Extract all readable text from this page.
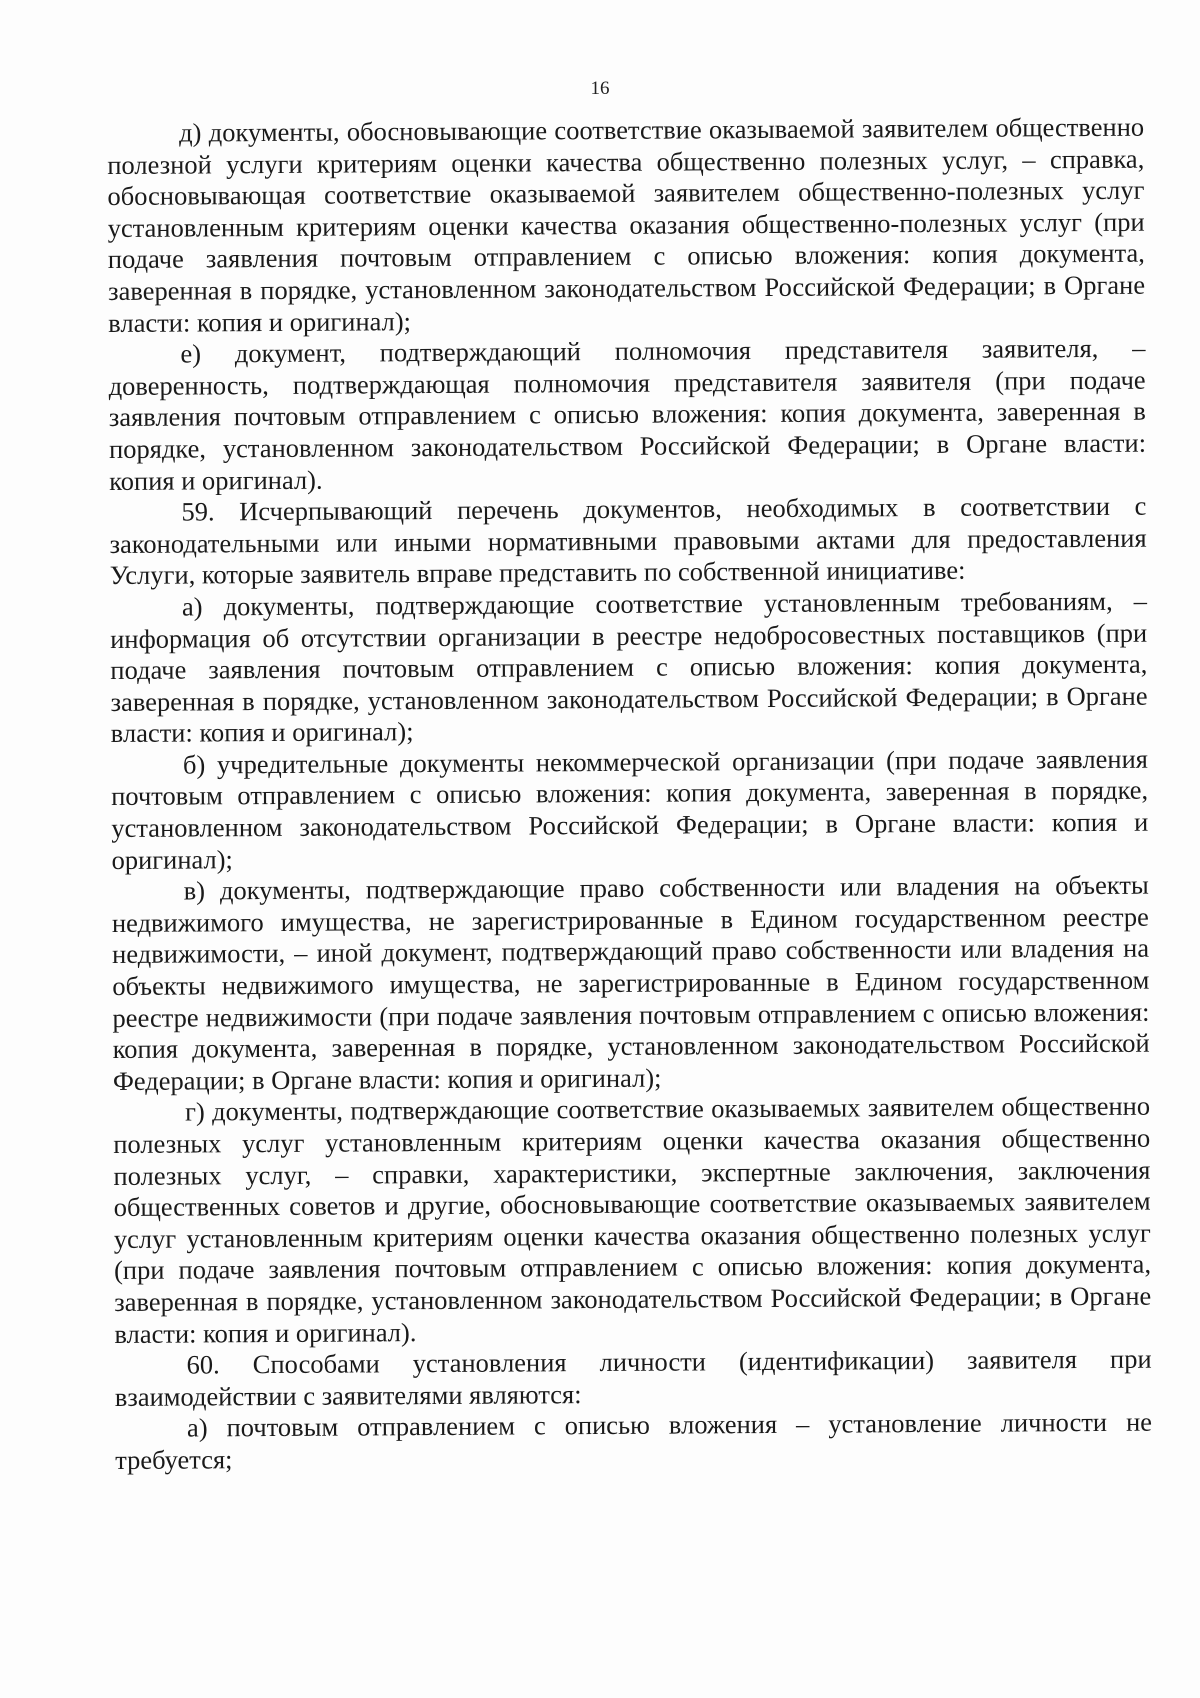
16

д) документы, обосновывающие соответствие оказываемой заявителем общественно полезной услуги критериям оценки качества общественно полезных услуг, – справка, обосновывающая соответствие оказываемой заявителем общественно-полезных услуг установленным критериям оценки качества оказания общественно-полезных услуг (при подаче заявления почтовым отправлением с описью вложения: копия документа, заверенная в порядке, установленном законодательством Российской Федерации; в Органе власти: копия и оригинал);

е) документ, подтверждающий полномочия представителя заявителя, – доверенность, подтверждающая полномочия представителя заявителя (при подаче заявления почтовым отправлением с описью вложения: копия документа, заверенная в порядке, установленном законодательством Российской Федерации; в Органе власти: копия и оригинал).

59. Исчерпывающий перечень документов, необходимых в соответствии с законодательными или иными нормативными правовыми актами для предоставления Услуги, которые заявитель вправе представить по собственной инициативе:

а) документы, подтверждающие соответствие установленным требованиям, – информация об отсутствии организации в реестре недобросовестных поставщиков (при подаче заявления почтовым отправлением с описью вложения: копия документа, заверенная в порядке, установленном законодательством Российской Федерации; в Органе власти: копия и оригинал);

б) учредительные документы некоммерческой организации (при подаче заявления почтовым отправлением с описью вложения: копия документа, заверенная в порядке, установленном законодательством Российской Федерации; в Органе власти: копия и оригинал);

в) документы, подтверждающие право собственности или владения на объекты недвижимого имущества, не зарегистрированные в Едином государственном реестре недвижимости, – иной документ, подтверждающий право собственности или владения на объекты недвижимого имущества, не зарегистрированные в Едином государственном реестре недвижимости (при подаче заявления почтовым отправлением с описью вложения: копия документа, заверенная в порядке, установленном законодательством Российской Федерации; в Органе власти: копия и оригинал);

г) документы, подтверждающие соответствие оказываемых заявителем общественно полезных услуг установленным критериям оценки качества оказания общественно полезных услуг, – справки, характеристики, экспертные заключения, заключения общественных советов и другие, обосновывающие соответствие оказываемых заявителем услуг установленным критериям оценки качества оказания общественно полезных услуг (при подаче заявления почтовым отправлением с описью вложения: копия документа, заверенная в порядке, установленном законодательством Российской Федерации; в Органе власти: копия и оригинал).

60. Способами установления личности (идентификации) заявителя при взаимодействии с заявителями являются:

а) почтовым отправлением с описью вложения – установление личности не требуется;
